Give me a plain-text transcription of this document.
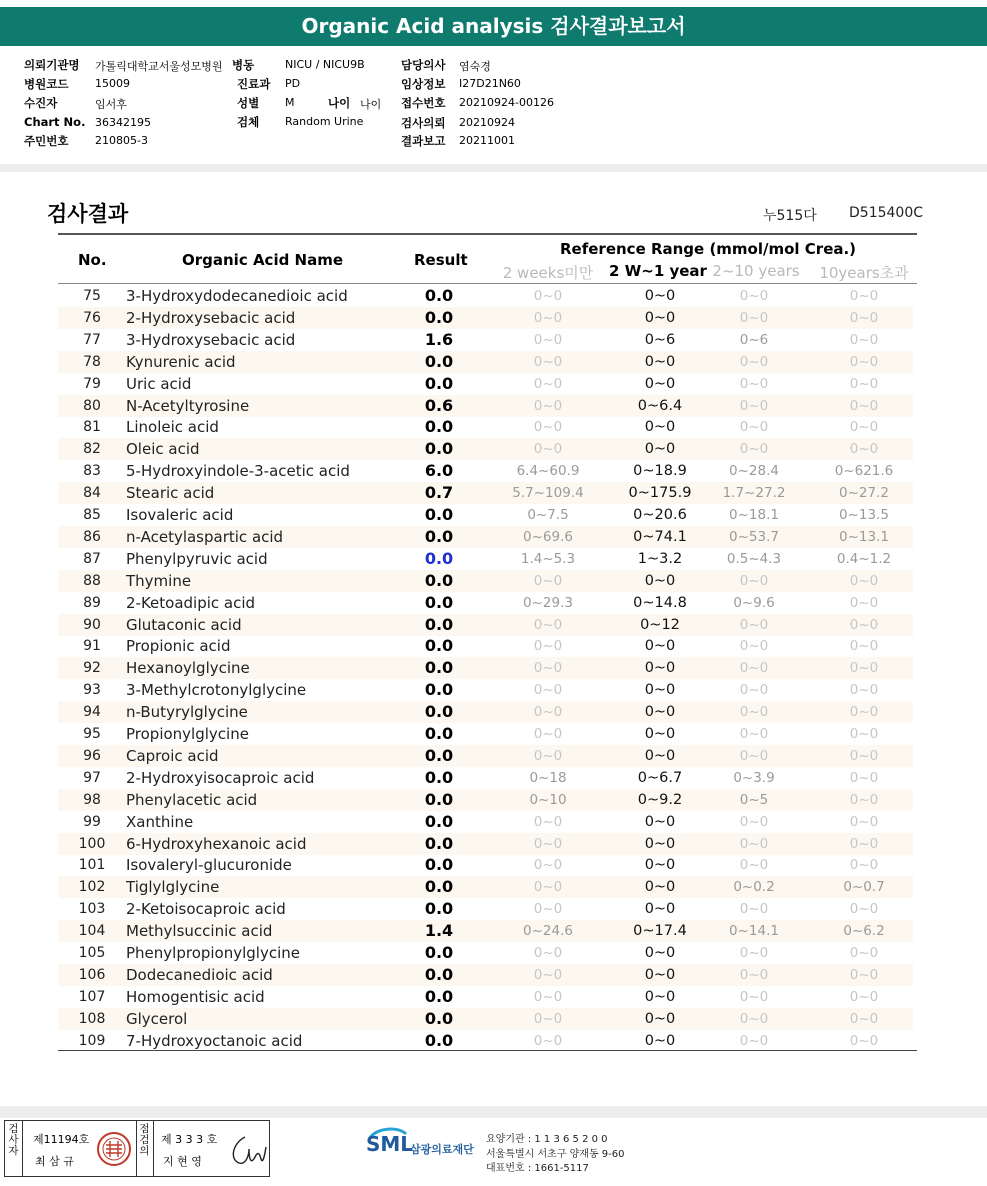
Organic Acid analysis 검사결과보고서
의뢰기관명 가톨릭대학교서울성모병원 병동	NICU / NICU9B	담당의사 염숙경
병원코드 15009	진료과 PD	임상정보 I27D21N60
수진자	임서후	성별 M	나이 나이 접수번호 20210924-00126
Chart No. 36342195	검체 Random Urine	검사의뢰 20210924
주민번호 210805-3	결과보고 20211001
검사결과	누515다 D515400C
No.	Organic Acid Name	Result
Reference Range (mmol/mol Crea.)
2 weeks미만	2 W~1 year 2~10 years	10years초과
75	3-Hydroxydodecanedioic acid	0.0	0~0	0~0	0~0	0~0
76	2-Hydroxysebacic acid	0.0	0~0	0~0	0~0	0~0
77	3-Hydroxysebacic acid	1.6	0~0	0~6	0~6	0~0
78	Kynurenic acid	0.0	0~0	0~0	0~0	0~0
79	Uric acid	0.0	0~0	0~0	0~0	0~0
80	N-Acetyltyrosine	0.6	0~0	0~6.4	0~0	0~0
81	Linoleic acid	0.0	0~0	0~0	0~0	0~0
82	Oleic acid	0.0	0~0	0~0	0~0	0~0
83	5-Hydroxyindole-3-acetic acid	6.0	6.4~60.9	0~18.9	0~28.4	0~621.6
84	Stearic acid	0.7	5.7~109.4	0~175.9	1.7~27.2	0~27.2
85	Isovaleric acid	0.0	0~7.5	0~20.6	0~18.1	0~13.5
86	n-Acetylaspartic acid	0.0	0~69.6	0~74.1	0~53.7	0~13.1
87	Phenylpyruvic acid	0.0	1.4~5.3	1~3.2	0.5~4.3	0.4~1.2
88	Thymine	0.0	0~0	0~0	0~0	0~0
89	2-Ketoadipic acid	0.0	0~29.3	0~14.8	0~9.6	0~0
90	Glutaconic acid	0.0	0~0	0~12	0~0	0~0
91	Propionic acid	0.0	0~0	0~0	0~0	0~0
92	Hexanoylglycine	0.0	0~0	0~0	0~0	0~0
93	3-Methylcrotonylglycine	0.0	0~0	0~0	0~0	0~0
94	n-Butyrylglycine	0.0	0~0	0~0	0~0	0~0
95	Propionylglycine	0.0	0~0	0~0	0~0	0~0
96	Caproic acid	0.0	0~0	0~0	0~0	0~0
97	2-Hydroxyisocaproic acid	0.0	0~18	0~6.7	0~3.9	0~0
98	Phenylacetic acid	0.0	0~10	0~9.2	0~5	0~0
99	Xanthine	0.0	0~0	0~0	0~0	0~0
100	6-Hydroxyhexanoic acid	0.0	0~0	0~0	0~0	0~0
101	Isovaleryl-glucuronide	0.0	0~0	0~0	0~0	0~0
102	Tiglylglycine	0.0	0~0	0~0	0~0.2	0~0.7
103	2-Ketoisocaproic acid	0.0	0~0	0~0	0~0	0~0
104	Methylsuccinic acid	1.4	0~24.6	0~17.4	0~14.1	0~6.2
105	Phenylpropionylglycine	0.0	0~0	0~0	0~0	0~0
106	Dodecanedioic acid	0.0	0~0	0~0	0~0	0~0
107	Homogentisic acid	0.0	0~0	0~0	0~0	0~0
108	Glycerol	0.0	0~0	0~0	0~0	0~0
109	7-Hydroxyoctanoic acid	0.0	0~0	0~0	0~0	0~0
검사자
제11194호
최 삼 규
점검의
제 3 3 3 호
지 현 영
SML
삼광의료재단
요양기관 : 1 1 3 6 5 2 0 0
서울특별시 서초구 양재동 9-60
대표번호 : 1661-5117
